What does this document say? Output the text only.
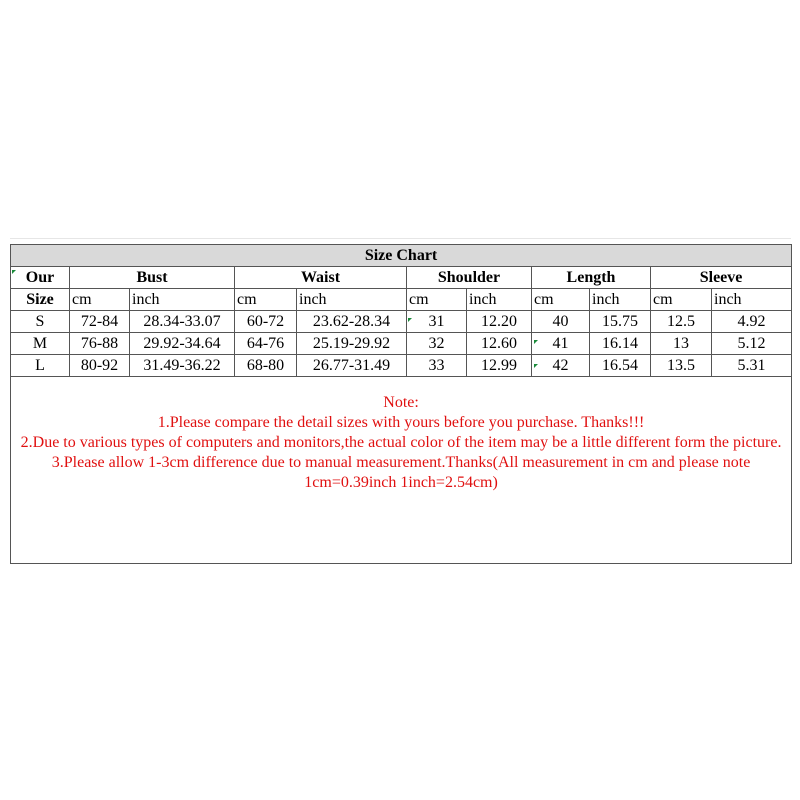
Size Chart										
Our	Bust		Waist		Shoulder		Length		Sleeve	
Size	cm	inch	cm	inch	cm	inch	cm	inch	cm	inch
S	72-84	28.34-33.07	60-72	23.62-28.34	31	12.20	40	15.75	12.5	4.92
M	76-88	29.92-34.64	64-76	25.19-29.92	32	12.60	41	16.14	13	5.12
L	80-92	31.49-36.22	68-80	26.77-31.49	33	12.99	42	16.54	13.5	5.31

Note:
1.Please compare the detail sizes with yours before you purchase. Thanks!!!
2.Due to various types of computers and monitors,the actual color of the item may be a little different form the picture.
3.Please allow 1-3cm difference due to manual measurement.Thanks(All measurement in cm and please note 1cm=0.39inch 1inch=2.54cm)										
